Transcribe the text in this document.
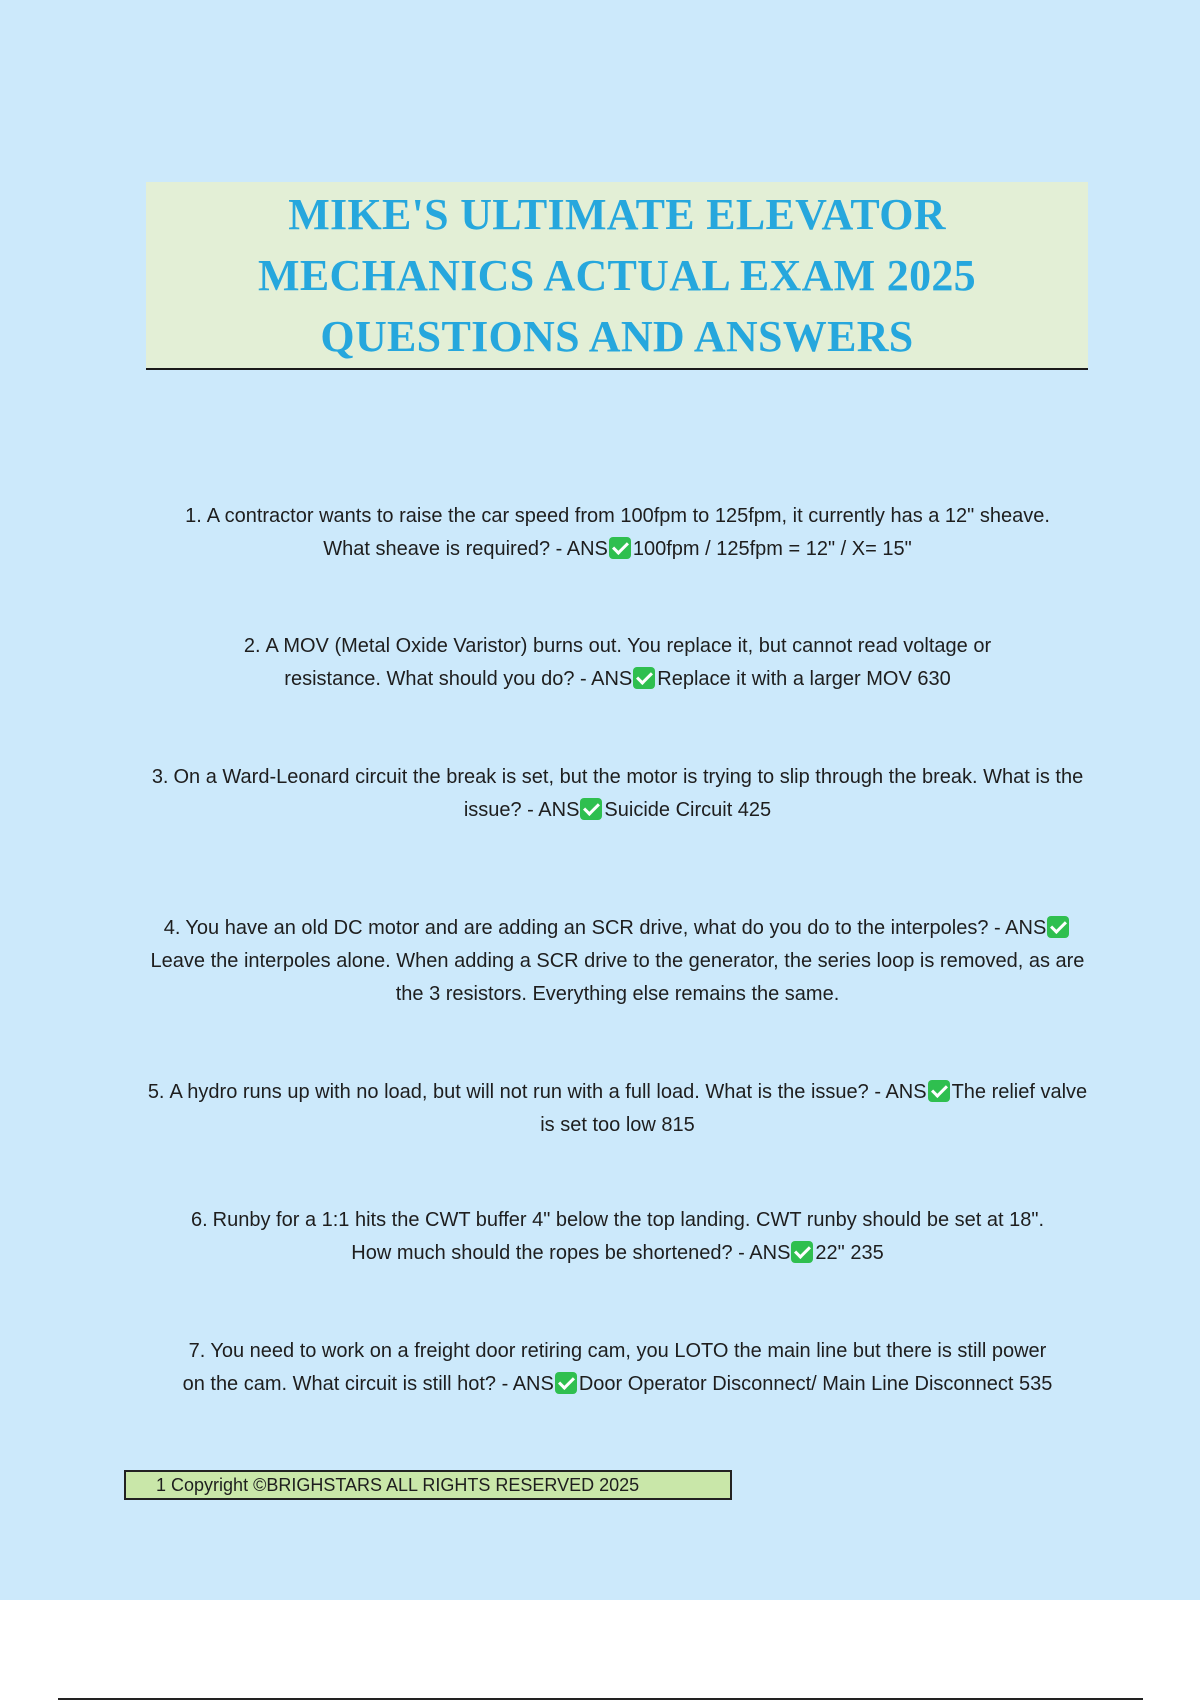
MIKE'S ULTIMATE ELEVATOR
MECHANICS ACTUAL EXAM 2025
QUESTIONS AND ANSWERS

1. A contractor wants to raise the car speed from 100fpm to 125fpm, it currently has a 12" sheave. What sheave is required? - ANS 100fpm / 125fpm = 12" / X= 15"

2. A MOV (Metal Oxide Varistor) burns out. You replace it, but cannot read voltage or resistance. What should you do? - ANS Replace it with a larger MOV 630

3. On a Ward-Leonard circuit the break is set, but the motor is trying to slip through the break. What is the issue? - ANS Suicide Circuit 425

4. You have an old DC motor and are adding an SCR drive, what do you do to the interpoles? - ANSLeave the interpoles alone. When adding a SCR drive to the generator, the series loop is removed, as are the 3 resistors. Everything else remains the same.

5. A hydro runs up with no load, but will not run with a full load. What is the issue? - ANS The relief valve is set too low 815

6. Runby for a 1:1 hits the CWT buffer 4" below the top landing. CWT runby should be set at 18". How much should the ropes be shortened? - ANS 22" 235

7. You need to work on a freight door retiring cam, you LOTO the main line but there is still power on the cam. What circuit is still hot? - ANS Door Operator Disconnect/ Main Line Disconnect 535

1 Copyright ©BRIGHSTARS ALL RIGHTS RESERVED 2025
